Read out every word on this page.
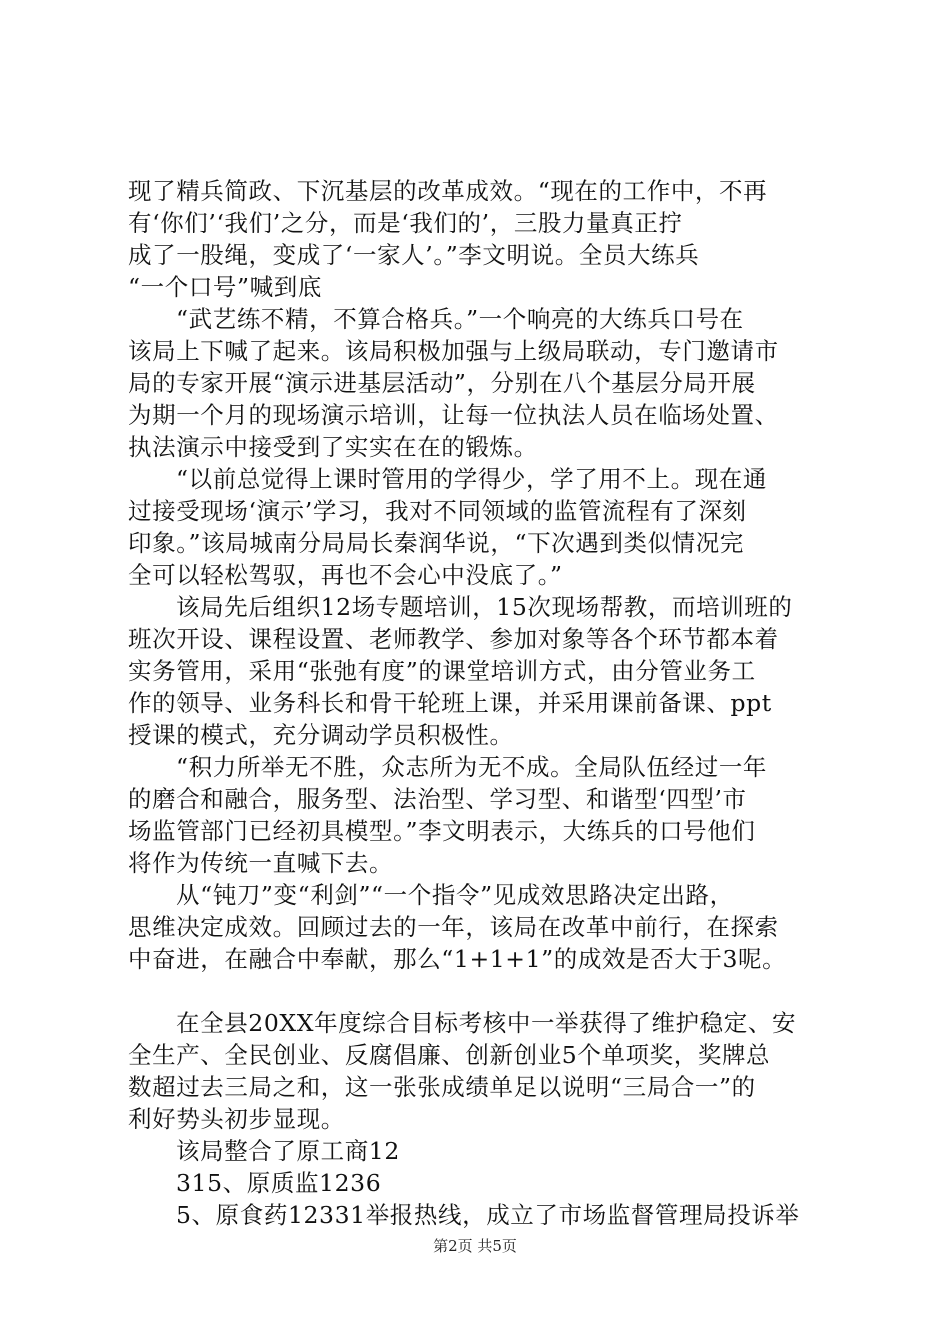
现了精兵简政、下沉基层的改革成效。“现在的工作中，不再
有‘你们’‘我们’之分，而是‘我们的’，三股力量真正拧
成了一股绳，变成了‘一家人’。”李文明说。全员大练兵
“一个口号”喊到底
“武艺练不精，不算合格兵。”一个响亮的大练兵口号在
该局上下喊了起来。该局积极加强与上级局联动，专门邀请市
局的专家开展“演示进基层活动”，分别在八个基层分局开展
为期一个月的现场演示培训，让每一位执法人员在临场处置、
执法演示中接受到了实实在在的锻炼。
“以前总觉得上课时管用的学得少，学了用不上。现在通
过接受现场‘演示’学习，我对不同领域的监管流程有了深刻
印象。”该局城南分局局长秦润华说，“下次遇到类似情况完
全可以轻松驾驭，再也不会心中没底了。”
该局先后组织12场专题培训，15次现场帮教，而培训班的
班次开设、课程设置、老师教学、参加对象等各个环节都本着
实务管用，采用“张弛有度”的课堂培训方式，由分管业务工
作的领导、业务科长和骨干轮班上课，并采用课前备课、ppt
授课的模式，充分调动学员积极性。
“积力所举无不胜，众志所为无不成。全局队伍经过一年
的磨合和融合，服务型、法治型、学习型、和谐型‘四型’市
场监管部门已经初具模型。”李文明表示，大练兵的口号他们
将作为传统一直喊下去。
从“钝刀”变“利剑”“一个指令”见成效思路决定出路，
思维决定成效。回顾过去的一年，该局在改革中前行，在探索
中奋进，在融合中奉献，那么“1+1+1”的成效是否大于3呢。
在全县20XX年度综合目标考核中一举获得了维护稳定、安
全生产、全民创业、反腐倡廉、创新创业5个单项奖，奖牌总
数超过去三局之和，这一张张成绩单足以说明“三局合一”的
利好势头初步显现。
该局整合了原工商12
315、原质监1236
5、原食药12331举报热线，成立了市场监督管理局投诉举
第2页 共5页
